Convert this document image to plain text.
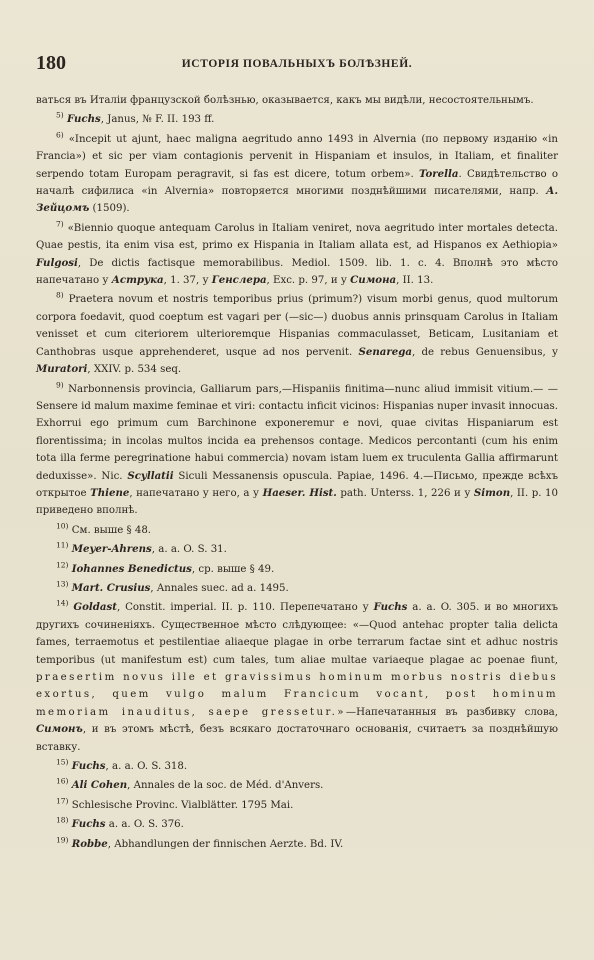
180	ИСТОРІЯ ПОВАЛЬНЫХЪ БОЛѢЗНЕЙ.

ваться въ Италіи французской болѣзнью, оказывается, какъ мы видѣли, несостоятельнымъ.

$^{5)}$ Fuchs, Janus, № F. II. 193 ff.

$^{6)}$ «Incepit ut ajunt, haec maligna aegritudo anno 1493 in Alvernia (по первому изданію «in Francia») et sic per viam contagionis pervenit in Hispaniam et insulos, in Italiam, et finaliter serpendo totam Europam peragravit, si fas est dicere, totum orbem». Torella. Свидѣтельство о началѣ сифилиса «in Alvernia» повторяется многими позднѣйшими писателями, напр. А. Зейцомъ (1509).

$^{7)}$ «Biennio quoque antequam Carolus in Italiam veniret, nova aegritudo inter mortales detecta. Quae pestis, ita enim visa est, primo ex Hispania in Italiam allata est, ad Hispanos ex Aethiopia» Fulgosi, De dictis factisque memorabilibus. Mediol. 1509. lib. 1. c. 4. Вполнѣ это мѣсто напечатано у Аструка, 1. 37, у Генслера, Exc. p. 97, и у Симона, II. 13.

$^{8)}$ Praetera novum et nostris temporibus prius (primum?) visum morbi genus, quod multorum corpora foedavit, quod coeptum est vagari per (—sic—) duobus annis prinsquam Carolus in Italiam venisset et cum citeriorem ulterioremque Hispanias commaculasset, Beticam, Lusitaniam et Canthobras usque apprehenderet, usque ad nos pervenit. Senarega, de rebus Genuensibus, у Muratori, XXIV. p. 534 seq.

$^{9)}$ Narbonnensis provincia, Galliarum pars,—Hispaniis finitima—nunc aliud immisit vitium.— — Sensere id malum maxime feminae et viri: contactu inficit vicinos: Hispanias nuper invasit innocuas. Exhorrui ego primum cum Barchinone exponeremur e novi, quae civitas Hispaniarum est florentissima; in incolas multos incida ea prehensos contage. Medicos percontanti (cum his enim tota illa ferme peregrinatione habui commercia) novam istam luem ex truculenta Gallia affirmarunt deduxisse». Nic. Scyllatii Siculi Messanensis opuscula. Papiae, 1496. 4.—Письмо, прежде всѣхъ открытое Thiene, напечатано у него, а у Haeser. Hist. path. Unterss. 1, 226 и у Simon, II. p. 10 приведено вполнѣ.

$^{10)}$ См. выше § 48.

$^{11)}$ Meyer-Ahrens, a. a. O. S. 31.

$^{12)}$ Iohannes Benedictus, ср. выше § 49.

$^{13)}$ Mart. Crusius, Annales suec. ad a. 1495.

$^{14)}$ Goldast, Constit. imperial. II. p. 110. Перепечатано у Fuchs a. a. O. 305. и во многихъ другихъ сочиненіяхъ. Существенное мѣсто слѣдующее: «—Quod antehac propter talia delicta fames, terraemotus et pestilentiae aliaeque plagae in orbe terrarum factae sint et adhuc nostris temporibus (ut manifestum est) cum tales, tum aliae multae variaeque plagae ac poenae fiunt, praesertim novus ille et gravissimus hominum morbus nostris diebus exortus, quem vulgo malum Francicum vocant, post hominum memoriam inauditus, saepe gressetur.»—Напечатанныя въ разбивку слова, Симонъ, и въ этомъ мѣстѣ, безъ всякаго достаточнаго основанія, считаетъ за позднѣйшую вставку.

$^{15)}$ Fuchs, a. a. O. S. 318.

$^{16)}$ Ali Cohen, Annales de la soc. de Méd. d'Anvers.

$^{17)}$ Schlesische Provinc. Vialblätter. 1795 Mai.

$^{18)}$ Fuchs a. a. O. S. 376.

$^{19)}$ Robbe, Abhandlungen der finnischen Aerzte. Bd. IV.
